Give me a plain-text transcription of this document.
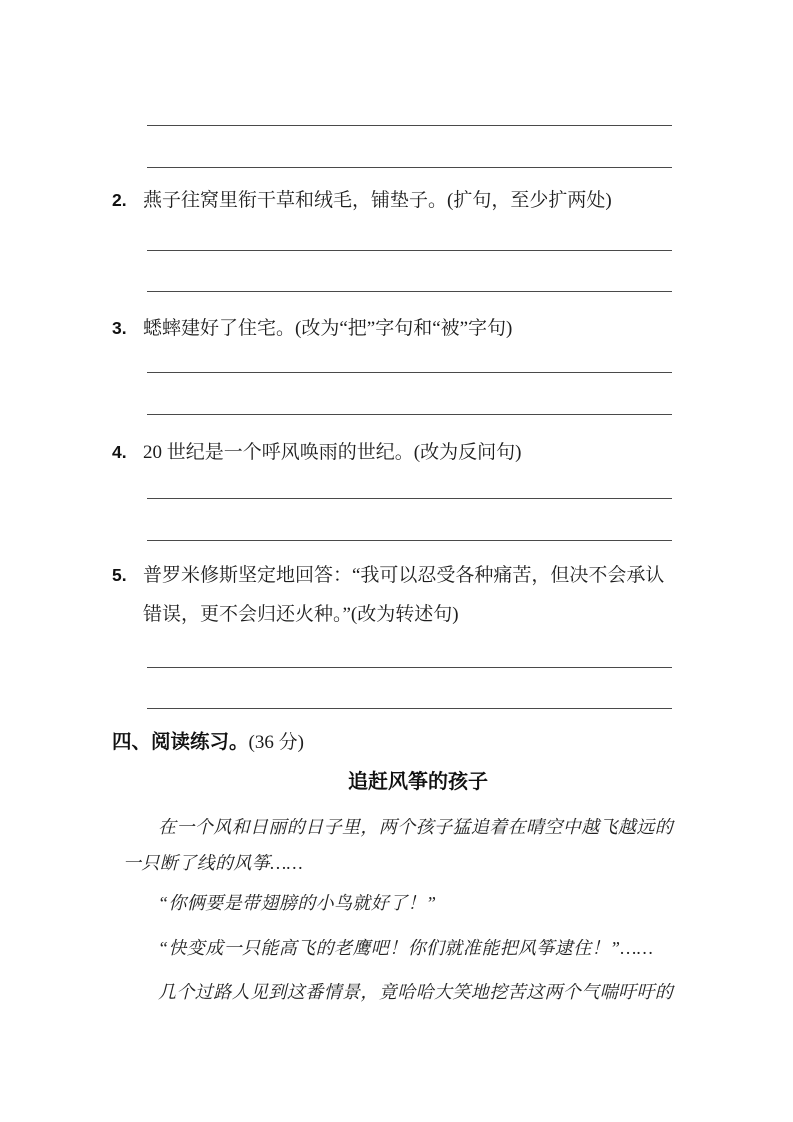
2. 燕子往窝里衔干草和绒毛，铺垫子。(扩句，至少扩两处)
3. 蟋蟀建好了住宅。(改为“把”字句和“被”字句)
4. 20 世纪是一个呼风唤雨的世纪。(改为反问句)
5. 普罗米修斯坚定地回答：“我可以忍受各种痛苦，但决不会承认
错误，更不会归还火种。”(改为转述句)
四、阅读练习。(36 分)
追赶风筝的孩子
在一个风和日丽的日子里，两个孩子猛追着在晴空中越飞越远的
一只断了线的风筝……
“你俩要是带翅膀的小鸟就好了！”
“快变成一只能高飞的老鹰吧！你们就准能把风筝逮住！”……
几个过路人见到这番情景，竟哈哈大笑地挖苦这两个气喘吁吁的
